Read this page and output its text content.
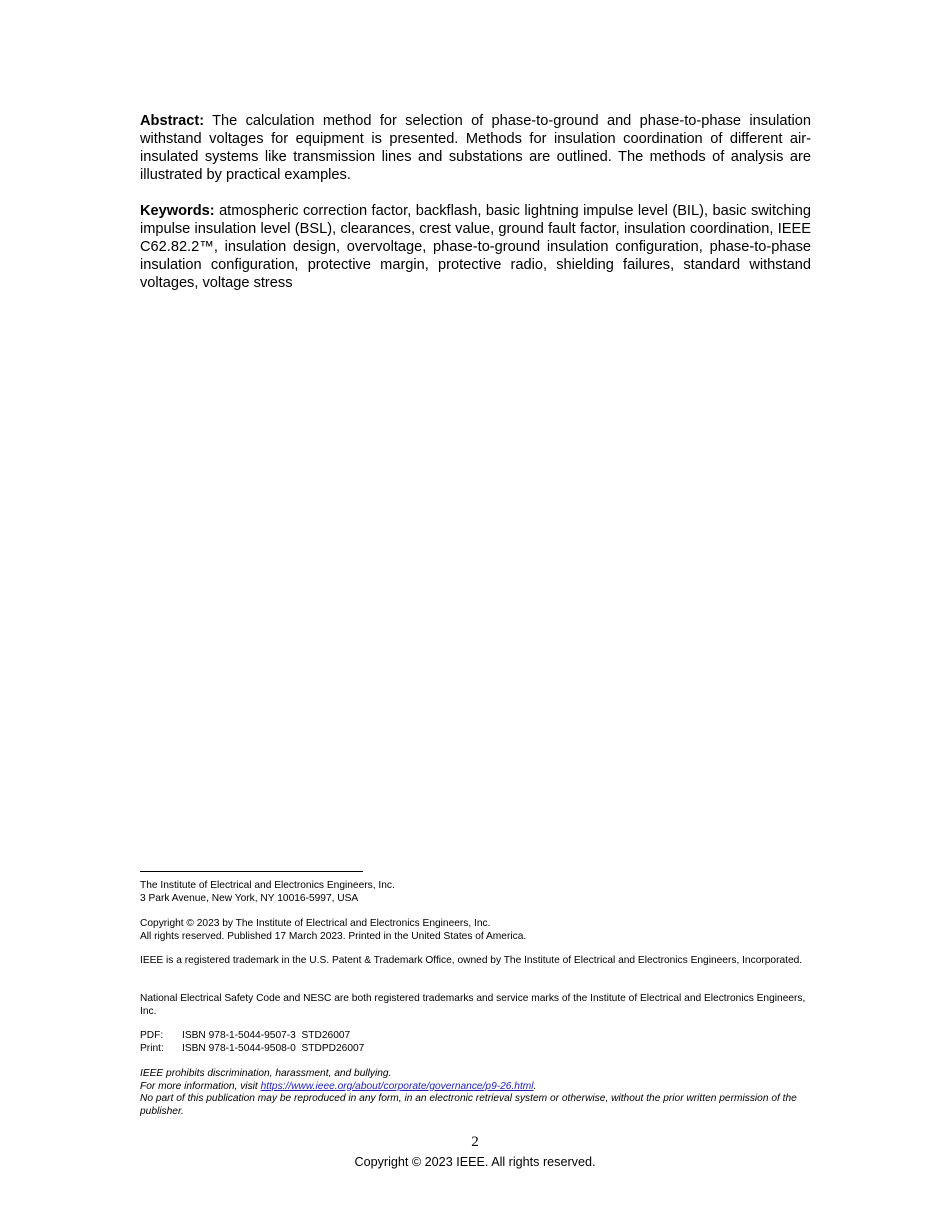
Abstract: The calculation method for selection of phase-to-ground and phase-to-phase insulation withstand voltages for equipment is presented. Methods for insulation coordination of different air-insulated systems like transmission lines and substations are outlined. The methods of analysis are illustrated by practical examples.

Keywords: atmospheric correction factor, backflash, basic lightning impulse level (BIL), basic switching impulse insulation level (BSL), clearances, crest value, ground fault factor, insulation coordination, IEEE C62.82.2™, insulation design, overvoltage, phase-to-ground insulation configuration, phase-to-phase insulation configuration, protective margin, protective radio, shielding failures, standard withstand voltages, voltage stress

The Institute of Electrical and Electronics Engineers, Inc.
3 Park Avenue, New York, NY 10016-5997, USA
Copyright © 2023 by The Institute of Electrical and Electronics Engineers, Inc.
All rights reserved. Published 17 March 2023. Printed in the United States of America.
IEEE is a registered trademark in the U.S. Patent & Trademark Office, owned by The Institute of Electrical and Electronics Engineers, Incorporated.
National Electrical Safety Code and NESC are both registered trademarks and service marks of the Institute of Electrical and Electronics Engineers, Inc.
PDF:	ISBN 978-1-5044-9507-3  STD26007
Print:	ISBN 978-1-5044-9508-0  STDPD26007
IEEE prohibits discrimination, harassment, and bullying.
For more information, visit https://www.ieee.org/about/corporate/governance/p9-26.html.
No part of this publication may be reproduced in any form, in an electronic retrieval system or otherwise, without the prior written permission of the publisher.
2
Copyright © 2023 IEEE. All rights reserved.
